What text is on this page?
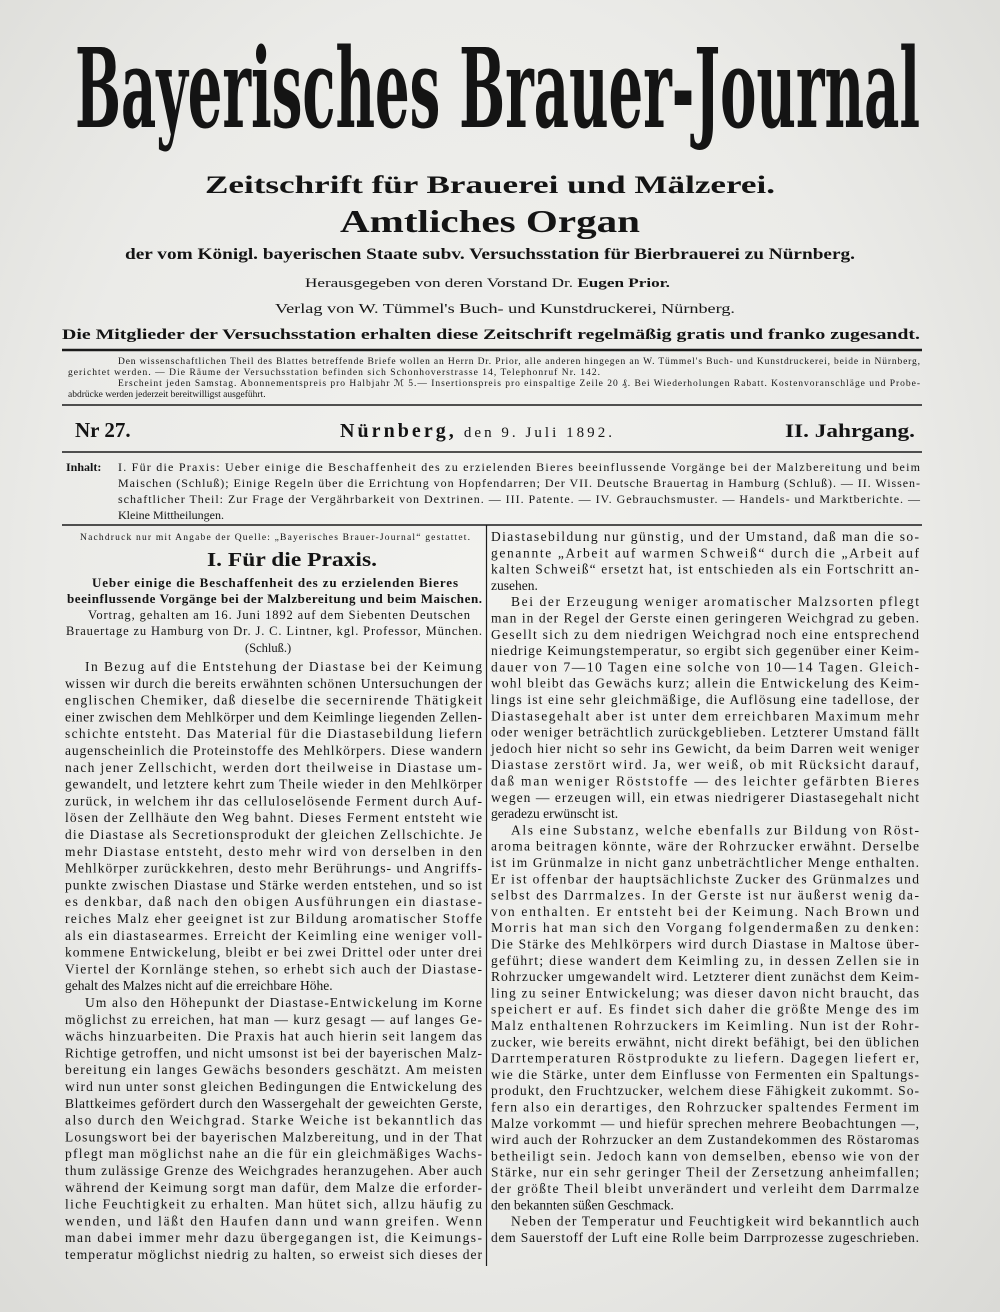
Bayerisches Brauer-Journal
Zeitschrift für Brauerei und Mälzerei.
Amtliches Organ
der vom Königl. bayerischen Staate subv. Versuchsstation für Bierbrauerei zu Nürnberg.
Herausgegeben von deren Vorstand Dr.	Eugen Prior.
Verlag von W. Tümmel's Buch- und Kunstdruckerei, Nürnberg.
Die Mitglieder der Versuchsstation erhalten diese Zeitschrift regelmäßig gratis und franko zugesandt.
Den wissenschaftlichen Theil des Blattes betreffende Briefe wollen an Herrn Dr. Prior, alle anderen hingegen an W. Tümmel's Buch- und Kunstdruckerei, beide in Nürnberg,
gerichtet werden. — Die Räume der Versuchsstation befinden sich Schonhoverstrasse 14, Telephonruf Nr. 142.
Erscheint jeden Samstag. Abonnementspreis pro Halbjahr ℳ 5.— Insertionspreis pro einspaltige Zeile 20 ₰. Bei Wiederholungen Rabatt. Kostenvoranschläge und Probe-
abdrücke werden jederzeit bereitwilligst ausgeführt.
Nr 27.	Nürnberg, den 9. Juli 1892.	II. Jahrgang.
Inhalt: I. Für die Praxis: Ueber einige die Beschaffenheit des zu erzielenden Bieres beeinflussende Vorgänge bei der Malzbereitung und beim
Maischen (Schluß); Einige Regeln über die Errichtung von Hopfendarren; Der VII. Deutsche Brauertag in Hamburg (Schluß). — II. Wissen-
schaftlicher Theil: Zur Frage der Vergährbarkeit von Dextrinen. — III. Patente. — IV. Gebrauchsmuster. — Handels- und Marktberichte. —
Kleine Mittheilungen.
Nachdruck nur mit Angabe der Quelle: „Bayerisches Brauer-Journal“ gestattet.
I. Für die Praxis.
Ueber einige die Beschaffenheit des zu erzielenden Bieres
beeinflussende Vorgänge bei der Malzbereitung und beim Maischen.
Vortrag, gehalten am 16. Juni 1892 auf dem Siebenten Deutschen
Brauertage zu Hamburg von Dr. J. C. Lintner, kgl. Professor, München.
(Schluß.)
In Bezug auf die Entstehung der Diastase bei der Keimung
wissen wir durch die bereits erwähnten schönen Untersuchungen der
englischen Chemiker, daß dieselbe die secernirende Thätigkeit
einer zwischen dem Mehlkörper und dem Keimlinge liegenden Zellen-
schichte entsteht. Das Material für die Diastasebildung liefern
augenscheinlich die Proteinstoffe des Mehlkörpers. Diese wandern
nach jener Zellschicht, werden dort theilweise in Diastase um-
gewandelt, und letztere kehrt zum Theile wieder in den Mehlkörper
zurück, in welchem ihr das celluloselösende Ferment durch Auf-
lösen der Zellhäute den Weg bahnt. Dieses Ferment entsteht wie
die Diastase als Secretionsprodukt der gleichen Zellschichte. Je
mehr Diastase entsteht, desto mehr wird von derselben in den
Mehlkörper zurückkehren, desto mehr Berührungs- und Angriffs-
punkte zwischen Diastase und Stärke werden entstehen, und so ist
es denkbar, daß nach den obigen Ausführungen ein diastase-
reiches Malz eher geeignet ist zur Bildung aromatischer Stoffe
als ein diastasearmes. Erreicht der Keimling eine weniger voll-
kommene Entwickelung, bleibt er bei zwei Drittel oder unter drei
Viertel der Kornlänge stehen, so erhebt sich auch der Diastase-
gehalt des Malzes nicht auf die erreichbare Höhe.
Um also den Höhepunkt der Diastase-Entwickelung im Korne
möglichst zu erreichen, hat man — kurz gesagt — auf langes Ge-
wächs hinzuarbeiten. Die Praxis hat auch hierin seit langem das
Richtige getroffen, und nicht umsonst ist bei der bayerischen Malz-
bereitung ein langes Gewächs besonders geschätzt. Am meisten
wird nun unter sonst gleichen Bedingungen die Entwickelung des
Blattkeimes gefördert durch den Wassergehalt der geweichten Gerste,
also durch den Weichgrad. Starke Weiche ist bekanntlich das
Losungswort bei der bayerischen Malzbereitung, und in der That
pflegt man möglichst nahe an die für ein gleichmäßiges Wachs-
thum zulässige Grenze des Weichgrades heranzugehen. Aber auch
während der Keimung sorgt man dafür, dem Malze die erforder-
liche Feuchtigkeit zu erhalten. Man hütet sich, allzu häufig zu
wenden, und läßt den Haufen dann und wann greifen. Wenn
man dabei immer mehr dazu übergegangen ist, die Keimungs-
temperatur möglichst niedrig zu halten, so erweist sich dieses der
Diastasebildung nur günstig, und der Umstand, daß man die so-
genannte „Arbeit auf warmen Schweiß“ durch die „Arbeit auf
kalten Schweiß“ ersetzt hat, ist entschieden als ein Fortschritt an-
zusehen.
Bei der Erzeugung weniger aromatischer Malzsorten pflegt
man in der Regel der Gerste einen geringeren Weichgrad zu geben.
Gesellt sich zu dem niedrigen Weichgrad noch eine entsprechend
niedrige Keimungstemperatur, so ergibt sich gegenüber einer Keim-
dauer von 7—10 Tagen eine solche von 10—14 Tagen. Gleich-
wohl bleibt das Gewächs kurz; allein die Entwickelung des Keim-
lings ist eine sehr gleichmäßige, die Auflösung eine tadellose, der
Diastasegehalt aber ist unter dem erreichbaren Maximum mehr
oder weniger beträchtlich zurückgeblieben. Letzterer Umstand fällt
jedoch hier nicht so sehr ins Gewicht, da beim Darren weit weniger
Diastase zerstört wird. Ja, wer weiß, ob mit Rücksicht darauf,
daß man weniger Röststoffe — des leichter gefärbten Bieres
wegen — erzeugen will, ein etwas niedrigerer Diastasegehalt nicht
geradezu erwünscht ist.
Als eine Substanz, welche ebenfalls zur Bildung von Röst-
aroma beitragen könnte, wäre der Rohrzucker erwähnt. Derselbe
ist im Grünmalze in nicht ganz unbeträchtlicher Menge enthalten.
Er ist offenbar der hauptsächlichste Zucker des Grünmalzes und
selbst des Darrmalzes. In der Gerste ist nur äußerst wenig da-
von enthalten. Er entsteht bei der Keimung. Nach Brown und
Morris hat man sich den Vorgang folgendermaßen zu denken:
Die Stärke des Mehlkörpers wird durch Diastase in Maltose über-
geführt; diese wandert dem Keimling zu, in dessen Zellen sie in
Rohrzucker umgewandelt wird. Letzterer dient zunächst dem Keim-
ling zu seiner Entwickelung; was dieser davon nicht braucht, das
speichert er auf. Es findet sich daher die größte Menge des im
Malz enthaltenen Rohrzuckers im Keimling. Nun ist der Rohr-
zucker, wie bereits erwähnt, nicht direkt befähigt, bei den üblichen
Darrtemperaturen Röstprodukte zu liefern. Dagegen liefert er,
wie die Stärke, unter dem Einflusse von Fermenten ein Spaltungs-
produkt, den Fruchtzucker, welchem diese Fähigkeit zukommt. So-
fern also ein derartiges, den Rohrzucker spaltendes Ferment im
Malze vorkommt — und hiefür sprechen mehrere Beobachtungen —,
wird auch der Rohrzucker an dem Zustandekommen des Röstaromas
betheiligt sein. Jedoch kann von demselben, ebenso wie von der
Stärke, nur ein sehr geringer Theil der Zersetzung anheimfallen;
der größte Theil bleibt unverändert und verleiht dem Darrmalze
den bekannten süßen Geschmack.
Neben der Temperatur und Feuchtigkeit wird bekanntlich auch
dem Sauerstoff der Luft eine Rolle beim Darrprozesse zugeschrieben.
